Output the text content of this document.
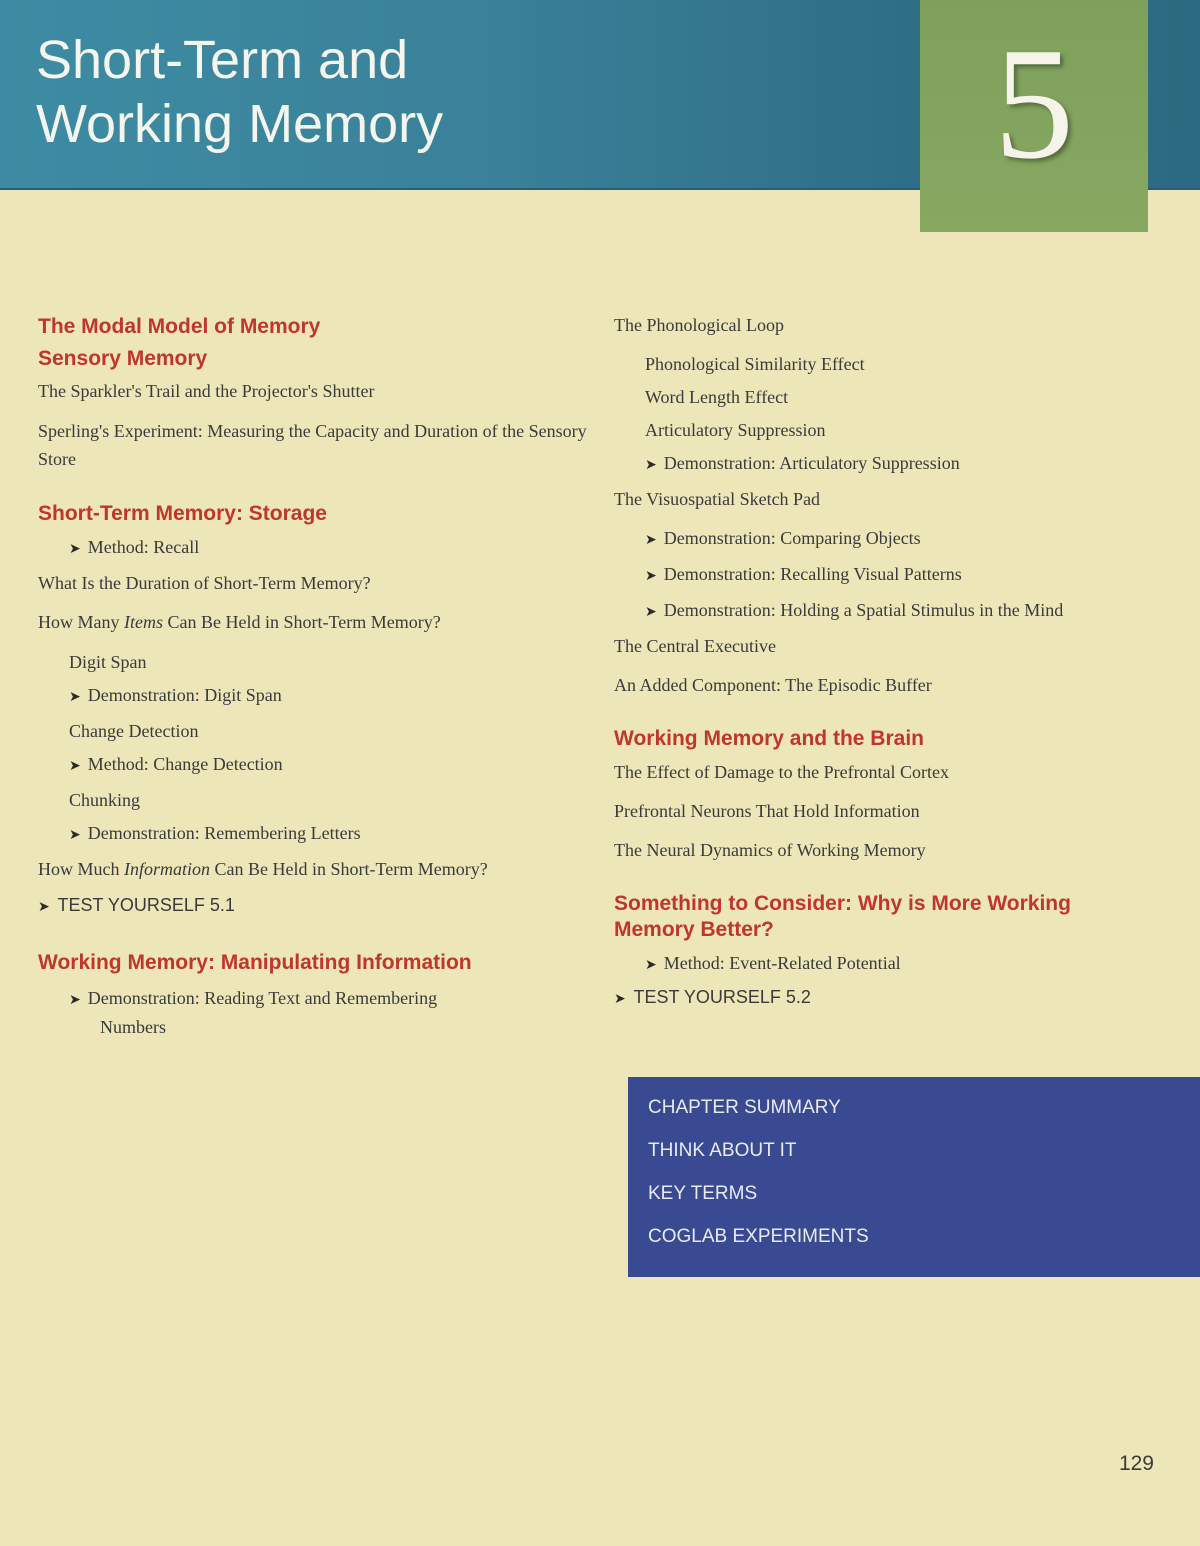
Short-Term and
Working Memory	5

The Modal Model of Memory

Sensory Memory

The Sparkler's Trail and the Projector's Shutter

Sperling's Experiment: Measuring the Capacity and Duration of the Sensory Store

Short-Term Memory: Storage

➤  Method: Recall

What Is the Duration of Short-Term Memory?

How Many Items Can Be Held in Short-Term Memory?

Digit Span

➤  Demonstration: Digit Span

Change Detection

➤  Method: Change Detection

Chunking

➤  Demonstration: Remembering Letters

How Much Information Can Be Held in Short-Term Memory?

➤  TEST YOURSELF 5.1

Working Memory: Manipulating Information

➤  Demonstration: Reading Text and Remembering Numbers

The Phonological Loop

Phonological Similarity Effect

Word Length Effect

Articulatory Suppression

➤  Demonstration: Articulatory Suppression

The Visuospatial Sketch Pad

➤  Demonstration: Comparing Objects

➤  Demonstration: Recalling Visual Patterns

➤  Demonstration: Holding a Spatial Stimulus in the Mind

The Central Executive

An Added Component: The Episodic Buffer

Working Memory and the Brain

The Effect of Damage to the Prefrontal Cortex

Prefrontal Neurons That Hold Information

The Neural Dynamics of Working Memory

Something to Consider: Why is More Working Memory Better?

➤  Method: Event-Related Potential

➤  TEST YOURSELF 5.2

CHAPTER SUMMARY

THINK ABOUT IT

KEY TERMS

COGLAB EXPERIMENTS

129
